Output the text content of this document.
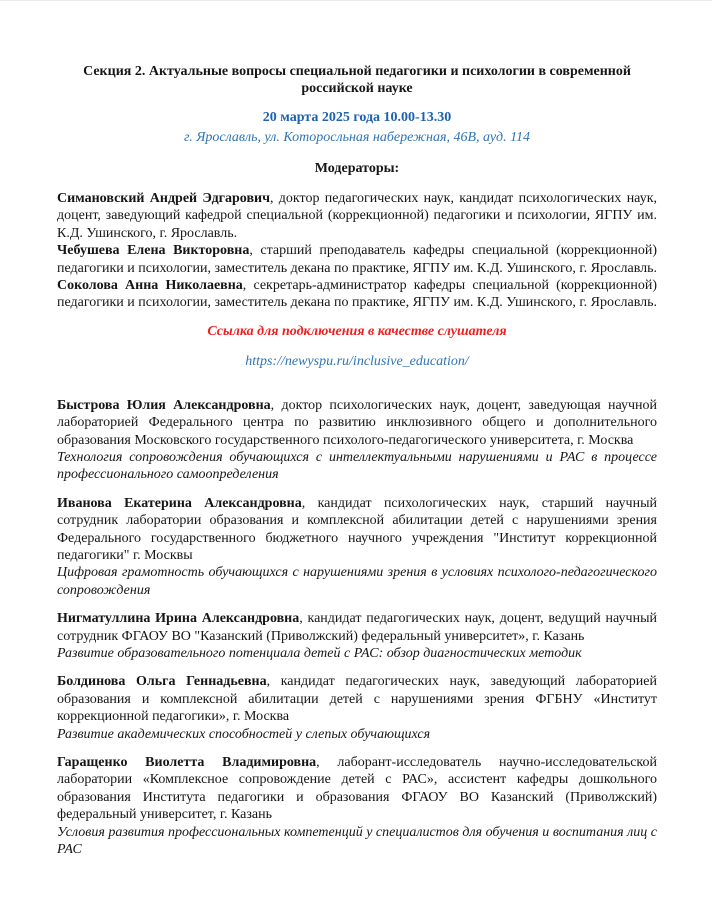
Секция 2. Актуальные вопросы специальной педагогики и психологии в современной российской науке

20 марта 2025 года 10.00-13.30

г. Ярославль, ул. Которосльная набережная, 46В, ауд. 114

Модераторы:

Симановский Андрей Эдгарович, доктор педагогических наук, кандидат психологических наук, доцент, заведующий кафедрой специальной (коррекционной) педагогики и психологии, ЯГПУ им. К.Д. Ушинского, г. Ярославль.

Чебушева Елена Викторовна, старший преподаватель кафедры специальной (коррекционной) педагогики и психологии, заместитель декана по практике, ЯГПУ им. К.Д. Ушинского, г. Ярославль.

Соколова Анна Николаевна, секретарь-администратор кафедры специальной (коррекционной) педагогики и психологии, заместитель декана по практике, ЯГПУ им. К.Д. Ушинского, г. Ярославль.

Ссылка для подключения в качестве слушателя

https://newyspu.ru/inclusive_education/

Быстрова Юлия Александровна, доктор психологических наук, доцент, заведующая научной лабораторией Федерального центра по развитию инклюзивного общего и дополнительного образования Московского государственного психолого-педагогического университета, г. Москва

Технология сопровождения обучающихся с интеллектуальными нарушениями и РАС в процессе профессионального самоопределения

Иванова Екатерина Александровна, кандидат психологических наук, старший научный сотрудник лаборатории образования и комплексной абилитации детей с нарушениями зрения Федерального государственного бюджетного научного учреждения "Институт коррекционной педагогики" г. Москвы

Цифровая грамотность обучающихся с нарушениями зрения в условиях психолого-педагогического сопровождения

Нигматуллина Ирина Александровна, кандидат педагогических наук, доцент, ведущий научный сотрудник ФГАОУ ВО "Казанский (Приволжский) федеральный университет», г. Казань

Развитие образовательного потенциала детей с РАС: обзор диагностических методик

Болдинова Ольга Геннадьевна, кандидат педагогических наук, заведующий лабораторией образования и комплексной абилитации детей с нарушениями зрения ФГБНУ «Институт коррекционной педагогики», г. Москва

Развитие академических способностей у слепых обучающихся

Гаращенко Виолетта Владимировна, лаборант-исследователь научно-исследовательской лаборатории «Комплексное сопровождение детей с РАС», ассистент кафедры дошкольного образования Института педагогики и образования ФГАОУ ВО Казанский (Приволжский) федеральный университет, г. Казань

Условия развития профессиональных компетенций у специалистов для обучения и воспитания лиц с РАС
